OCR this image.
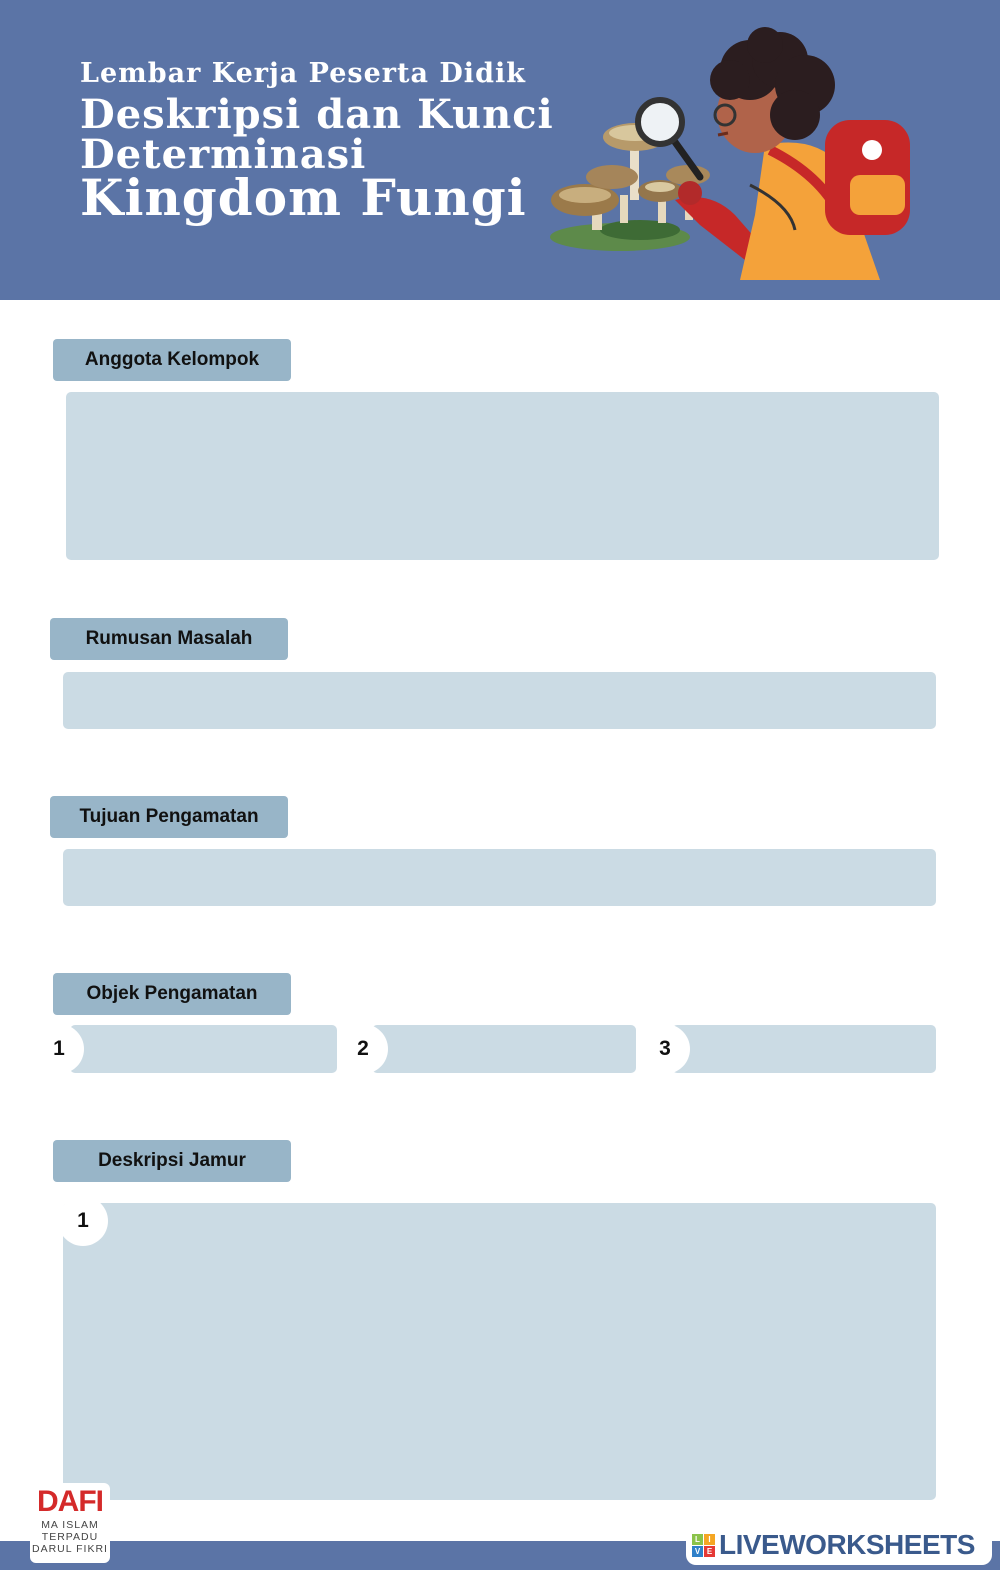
Lembar Kerja Peserta Didik
Deskripsi dan Kunci
Determinasi
Kingdom Fungi
Anggota Kelompok
Rumusan Masalah
Tujuan Pengamatan
Objek Pengamatan
1	2	3
Deskripsi Jamur
1
DAFI
MA ISLAM
TERPADU
DARUL FIKRI
L	I
V E LIVEWORKSHEETS
